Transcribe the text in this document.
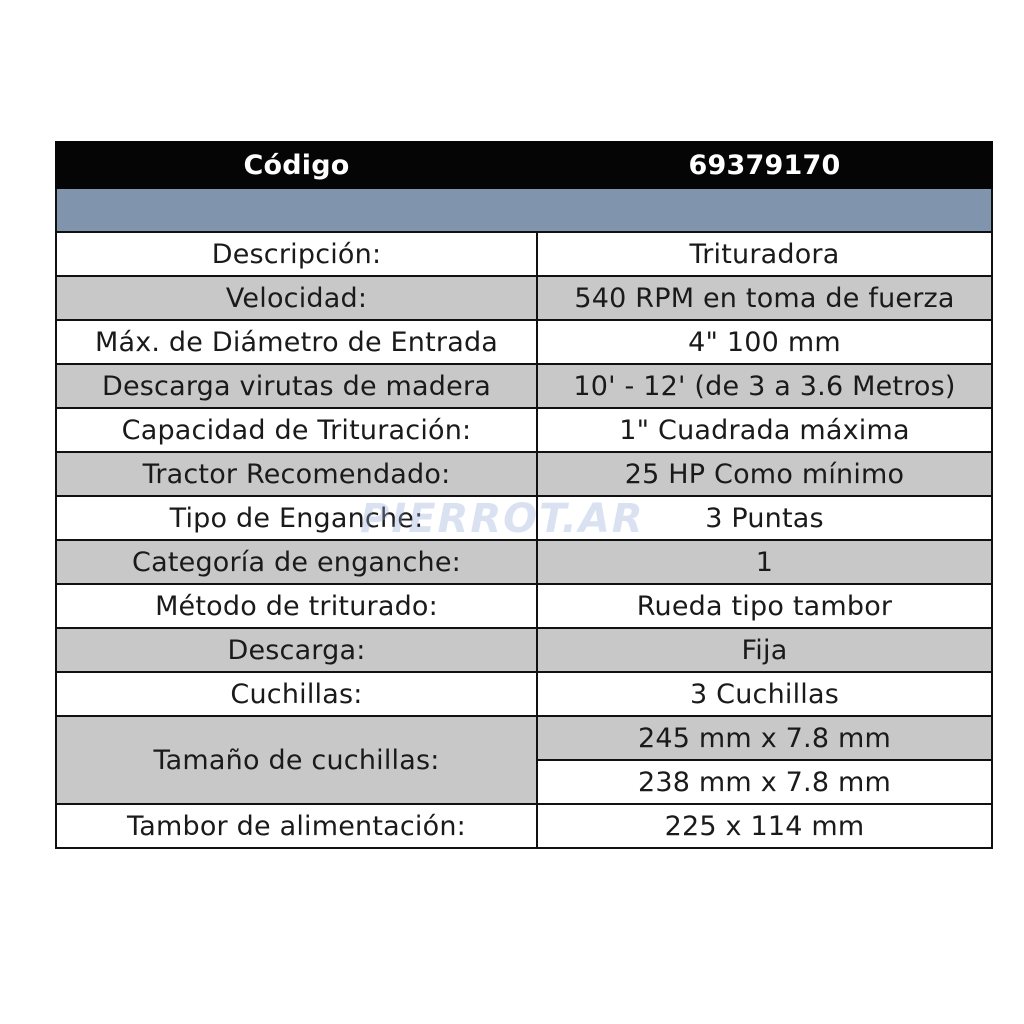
Código	69379170

Descripción:	Trituradora
Velocidad:	540 RPM en toma de fuerza
Máx. de Diámetro de Entrada	4" 100 mm
Descarga virutas de madera	10' - 12' (de 3 a 3.6 Metros)
Capacidad de Trituración:	1" Cuadrada máxima
Tractor Recomendado:	25 HP Como mínimo
Tipo de Enganche:	3 Puntas
Categoría de enganche:	1
Método de triturado:	Rueda tipo tambor
Descarga:	Fija
Cuchillas:	3 Cuchillas
Tamaño de cuchillas:	245 mm x 7.8 mm
	238 mm x 7.8 mm
Tambor de alimentación:	225 x 114 mm
PIERROT.AR
